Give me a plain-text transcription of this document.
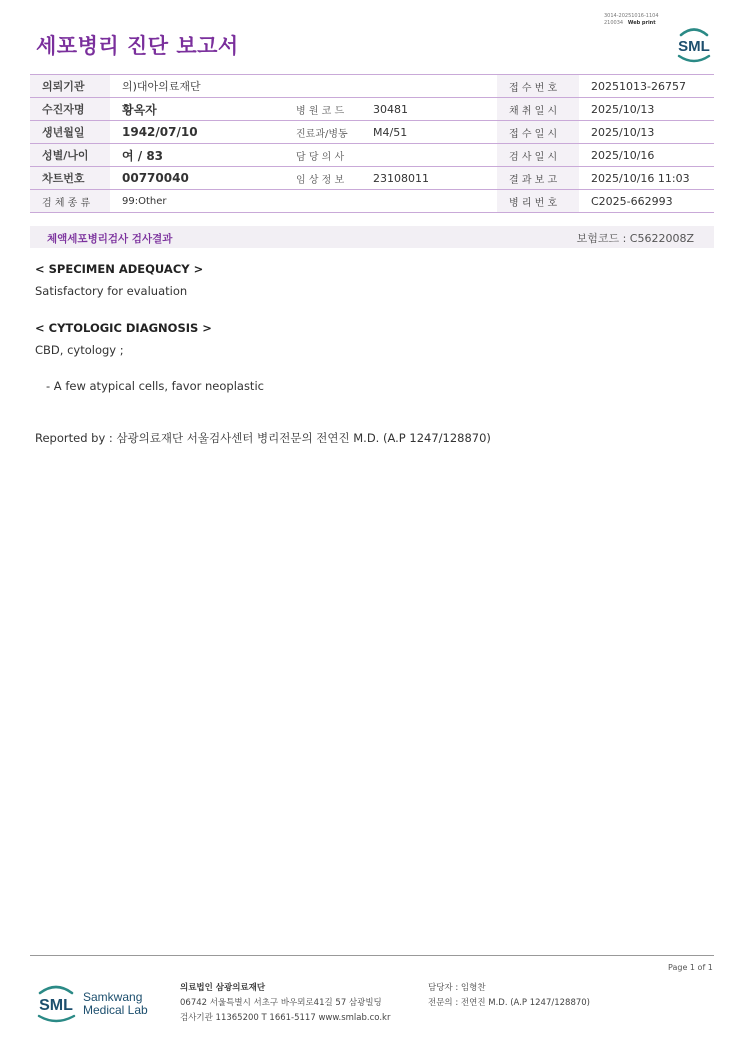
세포병리 진단 보고서
3014-20251016-1104
210034 Web print
SML
의뢰기관	의)대아의료재단			접 수 번 호	20251013-26757
수진자명	황옥자	병 원 코 드	30481	채 취 일 시	2025/10/13
생년월일	1942/07/10	진료과/병동	M4/51	접 수 일 시	2025/10/13
성별/나이	여 / 83	담 당 의 사		검 사 일 시	2025/10/16
차트번호	00770040	임 상 정 보	23108011	결 과 보 고	2025/10/16 11:03
검 체 종 류	99:Other			병 리 번 호	C2025-662993
체액세포병리검사 검사결과	보험코드 : C5622008Z
< SPECIMEN ADEQUACY >
Satisfactory for evaluation
< CYTOLOGIC DIAGNOSIS >
CBD, cytology ;
- A few atypical cells, favor neoplastic
Reported by : 삼광의료재단 서울검사센터 병리전문의 전연진 M.D. (A.P 1247/128870)
Page 1 of 1
SML Samkwang
Medical Lab
의료법인 삼광의료재단
06742 서울특별시 서초구 바우뫼로41길 57 삼광빌딩
검사기관 11365200 T 1661-5117 www.smlab.co.kr
담당자 : 임형찬
전문의 : 전연진 M.D. (A.P 1247/128870)
